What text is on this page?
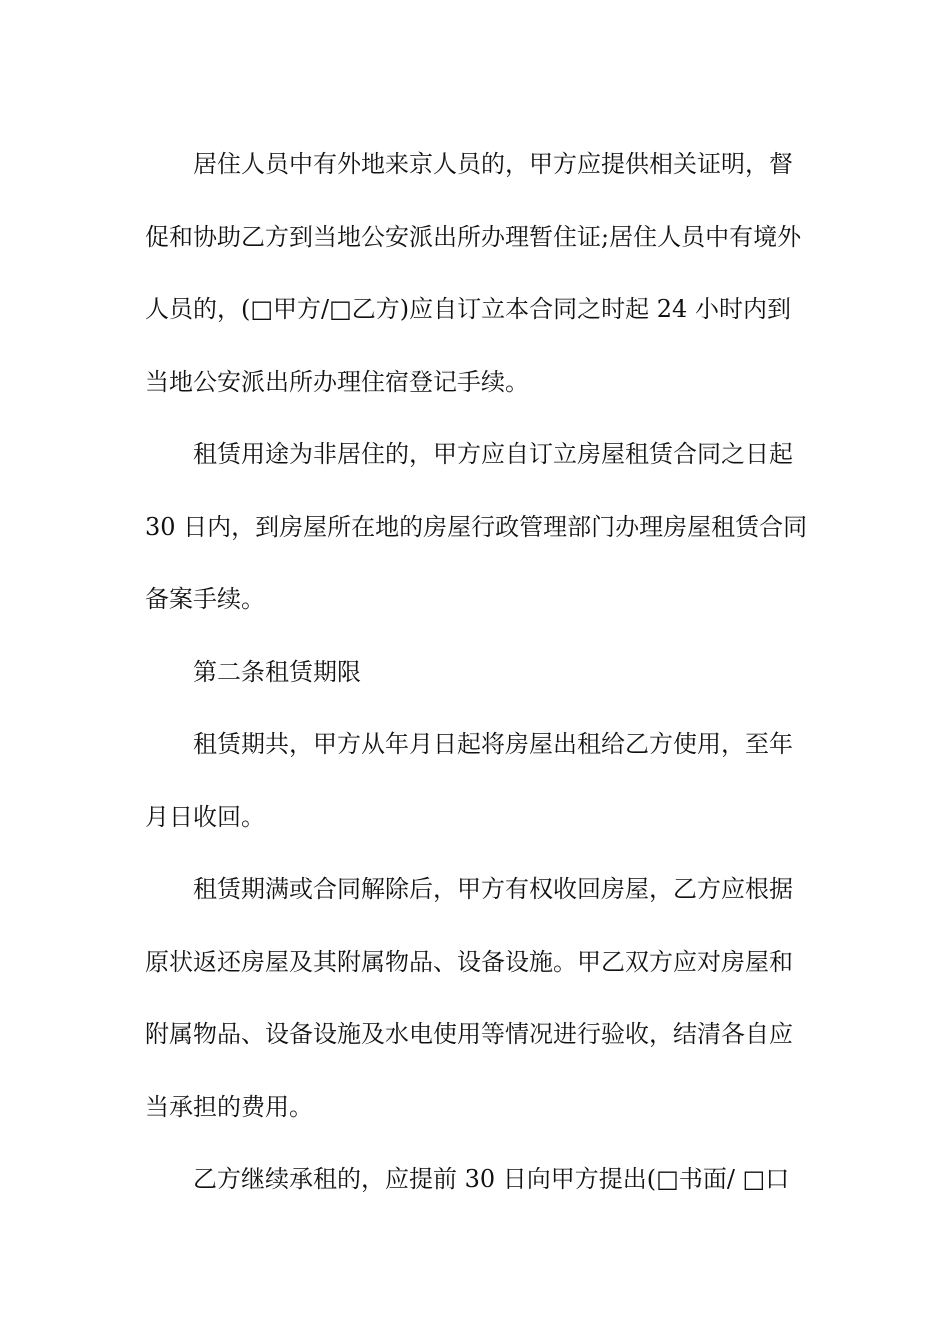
居住人员中有外地来京人员的，甲方应提供相关证明，督
促和协助乙方到当地公安派出所办理暂住证;居住人员中有境外
人员的，(□甲方/□乙方)应自订立本合同之时起 24 小时内到
当地公安派出所办理住宿登记手续。

租赁用途为非居住的，甲方应自订立房屋租赁合同之日起
30 日内，到房屋所在地的房屋行政管理部门办理房屋租赁合同
备案手续。

第二条租赁期限

租赁期共，甲方从年月日起将房屋出租给乙方使用，至年
月日收回。

租赁期满或合同解除后，甲方有权收回房屋，乙方应根据
原状返还房屋及其附属物品、设备设施。甲乙双方应对房屋和
附属物品、设备设施及水电使用等情况进行验收，结清各自应
当承担的费用。

乙方继续承租的，应提前 30 日向甲方提出(□书面/ □口
